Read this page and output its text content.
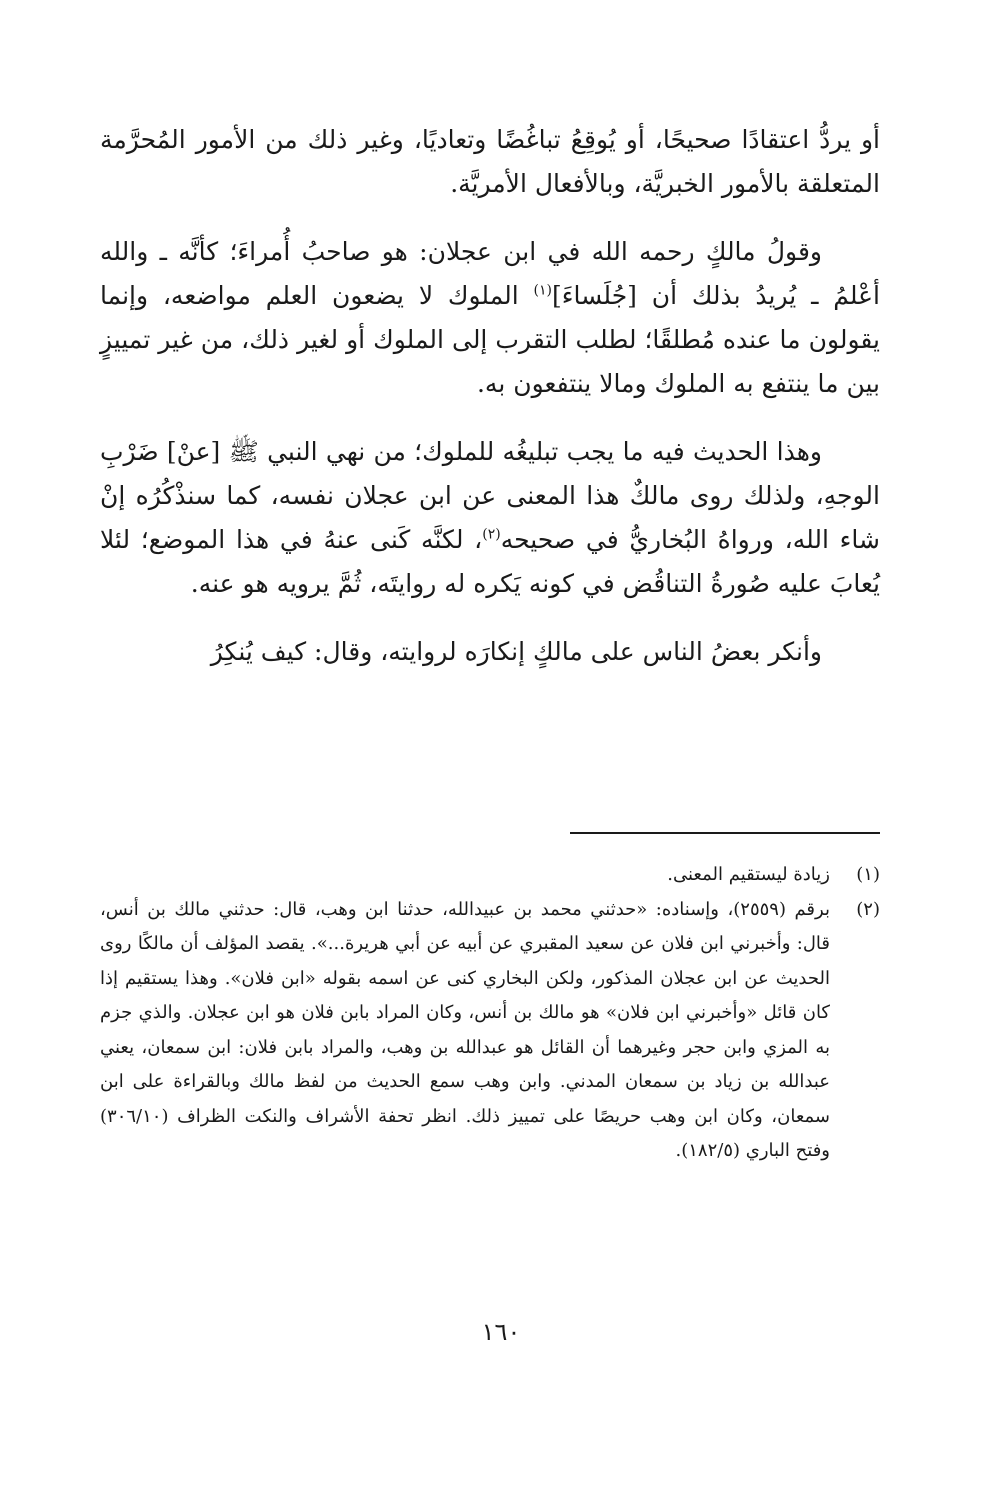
أو يردُّ اعتقادًا صحيحًا، أو يُوقِعُ تباغُضًا وتعاديًا، وغير ذلك من الأمور المُحرَّمة المتعلقة بالأمور الخبريَّة، وبالأفعال الأمريَّة.

وقولُ مالكٍ رحمه الله في ابن عجلان: هو صاحبُ أُمراءَ؛ كأنَّه ـ والله أعْلمُ ـ يُريدُ بذلك أن [جُلَساءَ]$^{(١)}$ الملوك لا يضعون العلم مواضعه، وإنما يقولون ما عنده مُطلقًا؛ لطلب التقرب إلى الملوك أو لغير ذلك، من غير تمييزٍ بين ما ينتفع به الملوك ومالا ينتفعون به.

وهذا الحديث فيه ما يجب تبليغُه للملوك؛ من نهي النبي ﷺ [عنْ] ضَرْبِ الوجهِ، ولذلك روى مالكٌ هذا المعنى عن ابن عجلان نفسه، كما سنذْكُرُه إنْ شاء الله، ورواهُ البُخاريُّ في صحيحه$^{(٢)}$، لكنَّه كَنى عنهُ في هذا الموضع؛ لئلا يُعابَ عليه صُورةُ التناقُض في كونه يَكره له روايتَه، ثُمَّ يرويه هو عنه.

وأنكر بعضُ الناس على مالكٍ إنكارَه لروايته، وقال: كيف يُنكِرُ

(١)
زيادة ليستقيم المعنى.
(٢)
برقم (٢٥٥٩)، وإسناده: «حدثني محمد بن عبيدالله، حدثنا ابن وهب، قال: حدثني مالك بن أنس، قال: وأخبرني ابن فلان عن سعيد المقبري عن أبيه عن أبي هريرة...». يقصد المؤلف أن مالكًا روى الحديث عن ابن عجلان المذكور، ولكن البخاري كنى عن اسمه بقوله «ابن فلان». وهذا يستقيم إذا كان قائل «وأخبرني ابن فلان» هو مالك بن أنس، وكان المراد بابن فلان هو ابن عجلان. والذي جزم به المزي وابن حجر وغيرهما أن القائل هو عبدالله بن وهب، والمراد بابن فلان: ابن سمعان، يعني عبدالله بن زياد بن سمعان المدني. وابن وهب سمع الحديث من لفظ مالك وبالقراءة على ابن سمعان، وكان ابن وهب حريصًا على تمييز ذلك. انظر تحفة الأشراف والنكت الظراف (٣٠٦/١٠) وفتح الباري (١٨٢/٥).
١٦٠
